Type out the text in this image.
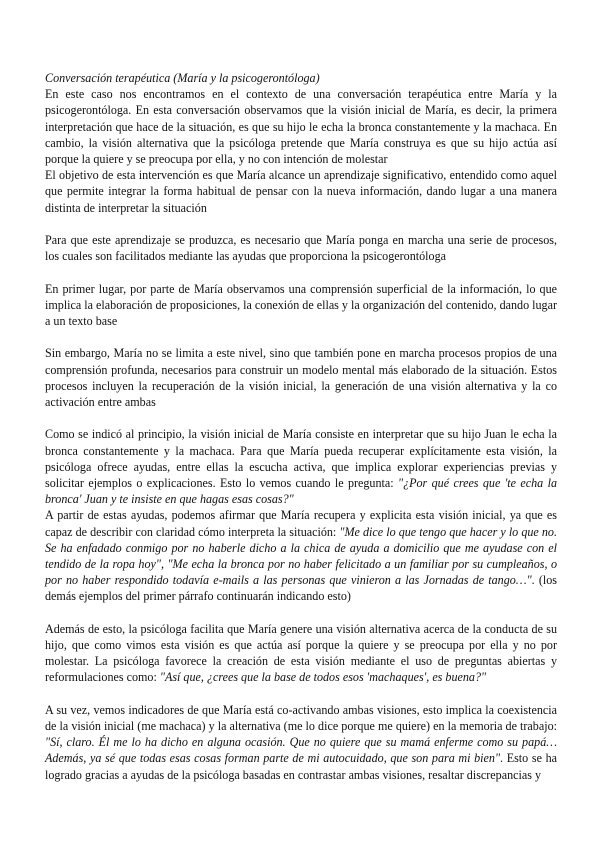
Conversación terapéutica (María y la psicogerontóloga)

En este caso nos encontramos en el contexto de una conversación terapéutica entre María y la psicogerontóloga. En esta conversación observamos que la visión inicial de María, es decir, la primera interpretación que hace de la situación, es que su hijo le echa la bronca constantemente y la machaca. En cambio, la visión alternativa que la psicóloga pretende que María construya es que su hijo actúa así porque la quiere y se preocupa por ella, y no con intención de molestar

El objetivo de esta intervención es que María alcance un aprendizaje significativo, entendido como aquel que permite integrar la forma habitual de pensar con la nueva información, dando lugar a una manera distinta de interpretar la situación

Para que este aprendizaje se produzca, es necesario que María ponga en marcha una serie de procesos, los cuales son facilitados mediante las ayudas que proporciona la psicogerontóloga

En primer lugar, por parte de María observamos una comprensión superficial de la información, lo que implica la elaboración de proposiciones, la conexión de ellas y la organización del contenido, dando lugar a un texto base

Sin embargo, María no se limita a este nivel, sino que también pone en marcha procesos propios de una comprensión profunda, necesarios para construir un modelo mental más elaborado de la situación. Estos procesos incluyen la recuperación de la visión inicial, la generación de una visión alternativa y la co activación entre ambas

Como se indicó al principio, la visión inicial de María consiste en interpretar que su hijo Juan le echa la bronca constantemente y la machaca. Para que María pueda recuperar explícitamente esta visión, la psicóloga ofrece ayudas, entre ellas la escucha activa, que implica explorar experiencias previas y solicitar ejemplos o explicaciones. Esto lo vemos cuando le pregunta: "¿Por qué crees que 'te echa la bronca' Juan y te insiste en que hagas esas cosas?"

A partir de estas ayudas, podemos afirmar que María recupera y explicita esta visión inicial, ya que es capaz de describir con claridad cómo interpreta la situación: "Me dice lo que tengo que hacer y lo que no. Se ha enfadado conmigo por no haberle dicho a la chica de ayuda a domicilio que me ayudase con el tendido de la ropa hoy", "Me echa la bronca por no haber felicitado a un familiar por su cumpleaños, o por no haber respondido todavía e-mails a las personas que vinieron a las Jornadas de tango…". (los demás ejemplos del primer párrafo continuarán indicando esto)

Además de esto, la psicóloga facilita que María genere una visión alternativa acerca de la conducta de su hijo, que como vimos esta visión es que actúa así porque la quiere y se preocupa por ella y no por molestar. La psicóloga favorece la creación de esta visión mediante el uso de preguntas abiertas y reformulaciones como: "Así que, ¿crees que la base de todos esos 'machaques', es buena?"

A su vez, vemos indicadores de que María está co-activando ambas visiones, esto implica la coexistencia de la visión inicial (me machaca) y la alternativa (me lo dice porque me quiere) en la memoria de trabajo: "Sí, claro. Él me lo ha dicho en alguna ocasión. Que no quiere que su mamá enferme como su papá… Además, ya sé que todas esas cosas forman parte de mi autocuidado, que son para mi bien". Esto se ha logrado gracias a ayudas de la psicóloga basadas en contrastar ambas visiones, resaltar discrepancias y
